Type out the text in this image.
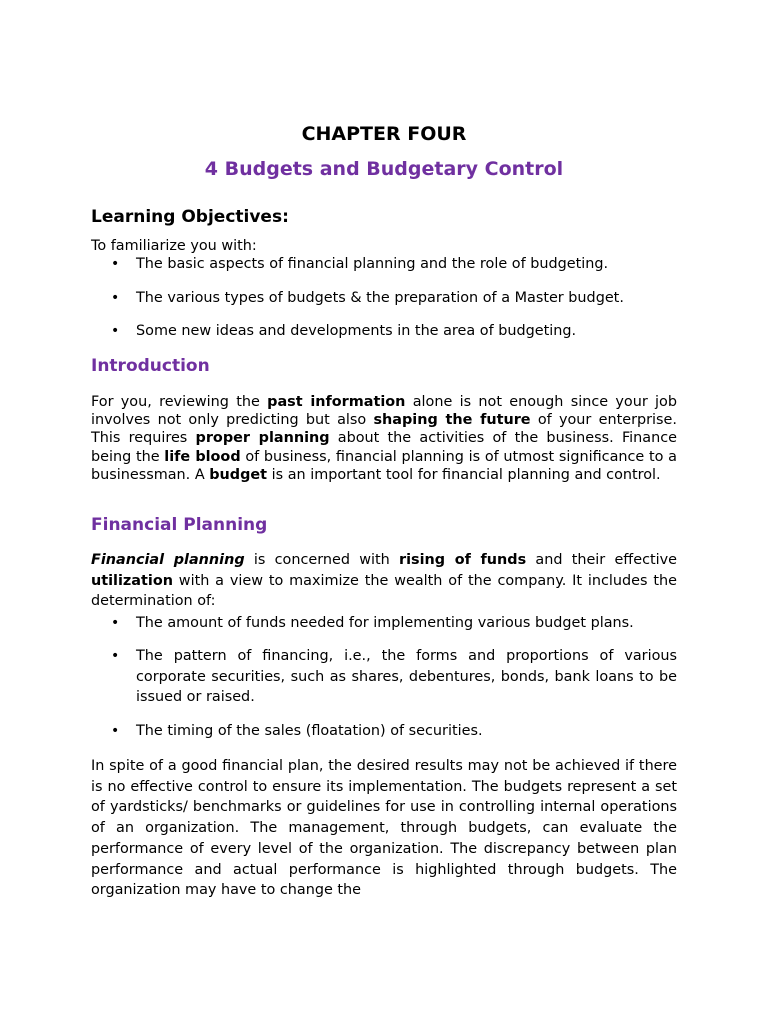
CHAPTER FOUR
4 Budgets and Budgetary Control
Learning Objectives:
To familiarize you with:
• The basic aspects of financial planning and the role of budgeting.
• The various types of budgets & the preparation of a Master budget.
• Some new ideas and developments in the area of budgeting.
Introduction

For you, reviewing the past information alone is not enough since your job involves not only predicting but also shaping the future of your enterprise. This requires proper planning about the activities of the business. Finance being the life blood of business, financial planning is of utmost significance to a businessman. A budget is an important tool for financial planning and control.

Financial Planning

Financial planning is concerned with rising of funds and their effective utilization with a view to maximize the wealth of the company. It includes the determination of:

• The amount of funds needed for implementing various budget plans.
• The pattern of financing, i.e., the forms and proportions of various corporate securities, such as shares, debentures, bonds, bank loans to be issued or raised.
• The timing of the sales (floatation) of securities.

In spite of a good financial plan, the desired results may not be achieved if there is no effective control to ensure its implementation. The budgets represent a set of yardsticks/ benchmarks or guidelines for use in controlling internal operations of an organization. The management, through budgets, can evaluate the performance of every level of the organization. The discrepancy between plan performance and actual performance is highlighted through budgets. The organization may have to change the
